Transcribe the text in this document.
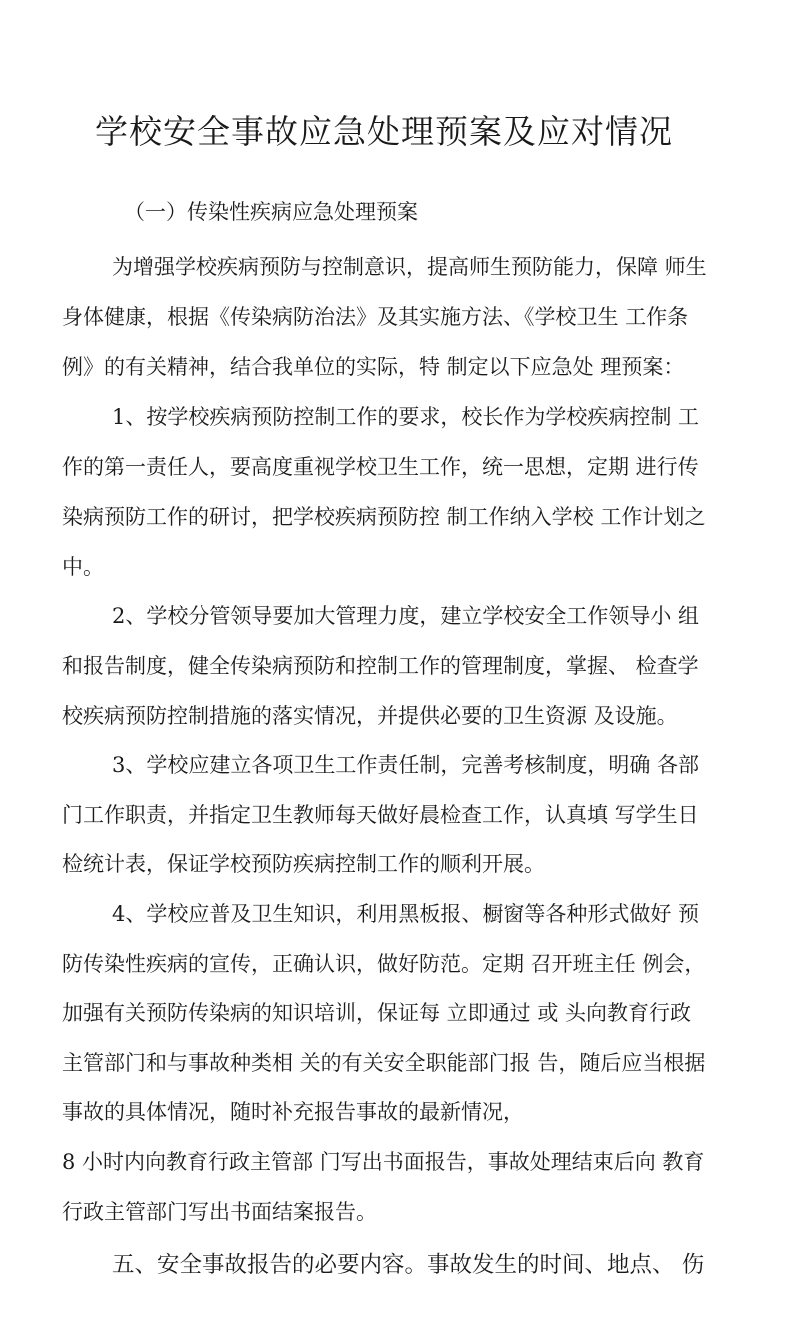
学校安全事故应急处理预案及应对情况
（一）传染性疾病应急处理预案
为增强学校疾病预防与控制意识，提高师生预防能力，保障 师生
身体健康，根据《传染病防治法》及其实施方法、《学校卫生 工作条
例》的有关精神，结合我单位的实际，特 制定以下应急处 理预案：
1、按学校疾病预防控制工作的要求，校长作为学校疾病控制 工
作的第一责任人，要高度重视学校卫生工作，统一思想，定期 进行传
染病预防工作的研讨，把学校疾病预防控 制工作纳入学校 工作计划之
中。
2、学校分管领导要加大管理力度，建立学校安全工作领导小 组
和报告制度，健全传染病预防和控制工作的管理制度，掌握、 检查学
校疾病预防控制措施的落实情况，并提供必要的卫生资源 及设施。
3、学校应建立各项卫生工作责任制，完善考核制度，明确 各部
门工作职责，并指定卫生教师每天做好晨检查工作，认真填 写学生日
检统计表，保证学校预防疾病控制工作的顺利开展。
4、学校应普及卫生知识，利用黑板报、橱窗等各种形式做好 预
防传染性疾病的宣传，正确认识，做好防范。定期 召开班主任 例会，
加强有关预防传染病的知识培训，保证每 立即通过 或 头向教育行政
主管部门和与事故种类相 关的有关安全职能部门报 告，随后应当根据
事故的具体情况，随时补充报告事故的最新情况，
8 小时内向教育行政主管部 门写出书面报告，事故处理结束后向 教育
行政主管部门写出书面结案报告。
五、安全事故报告的必要内容。事故发生的时间、地点、 伤
